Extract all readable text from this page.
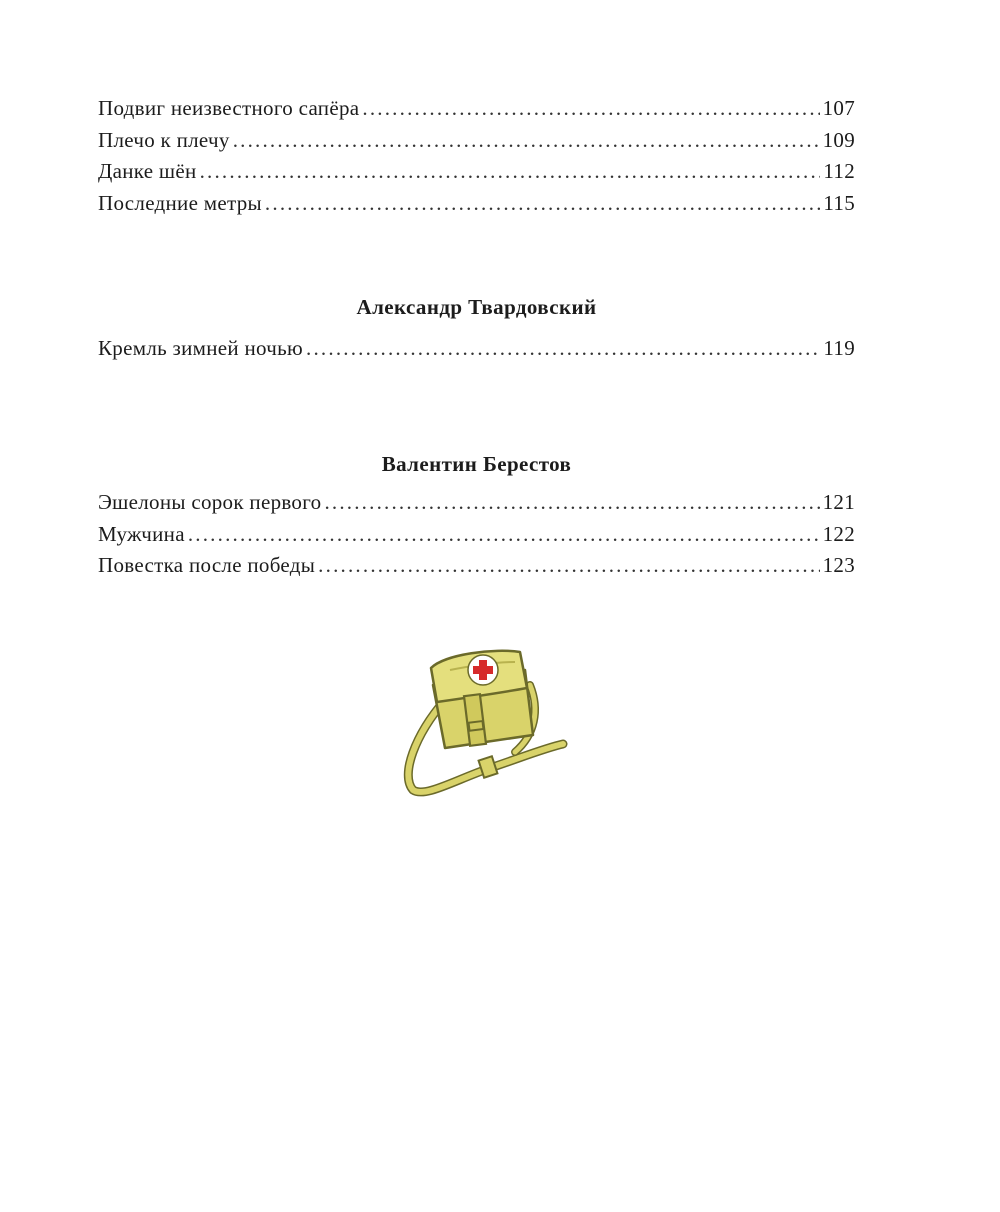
Подвиг неизвестного сапёра .....	107
Плечо к плечу .....	109
Данке шён .....	112
Последние метры .....	115
Александр Твардовский
Кремль зимней ночью .....	119
Валентин Берестов
Эшелоны сорок первого .....	121
Мужчина .....	122
Повестка после победы .....	123
